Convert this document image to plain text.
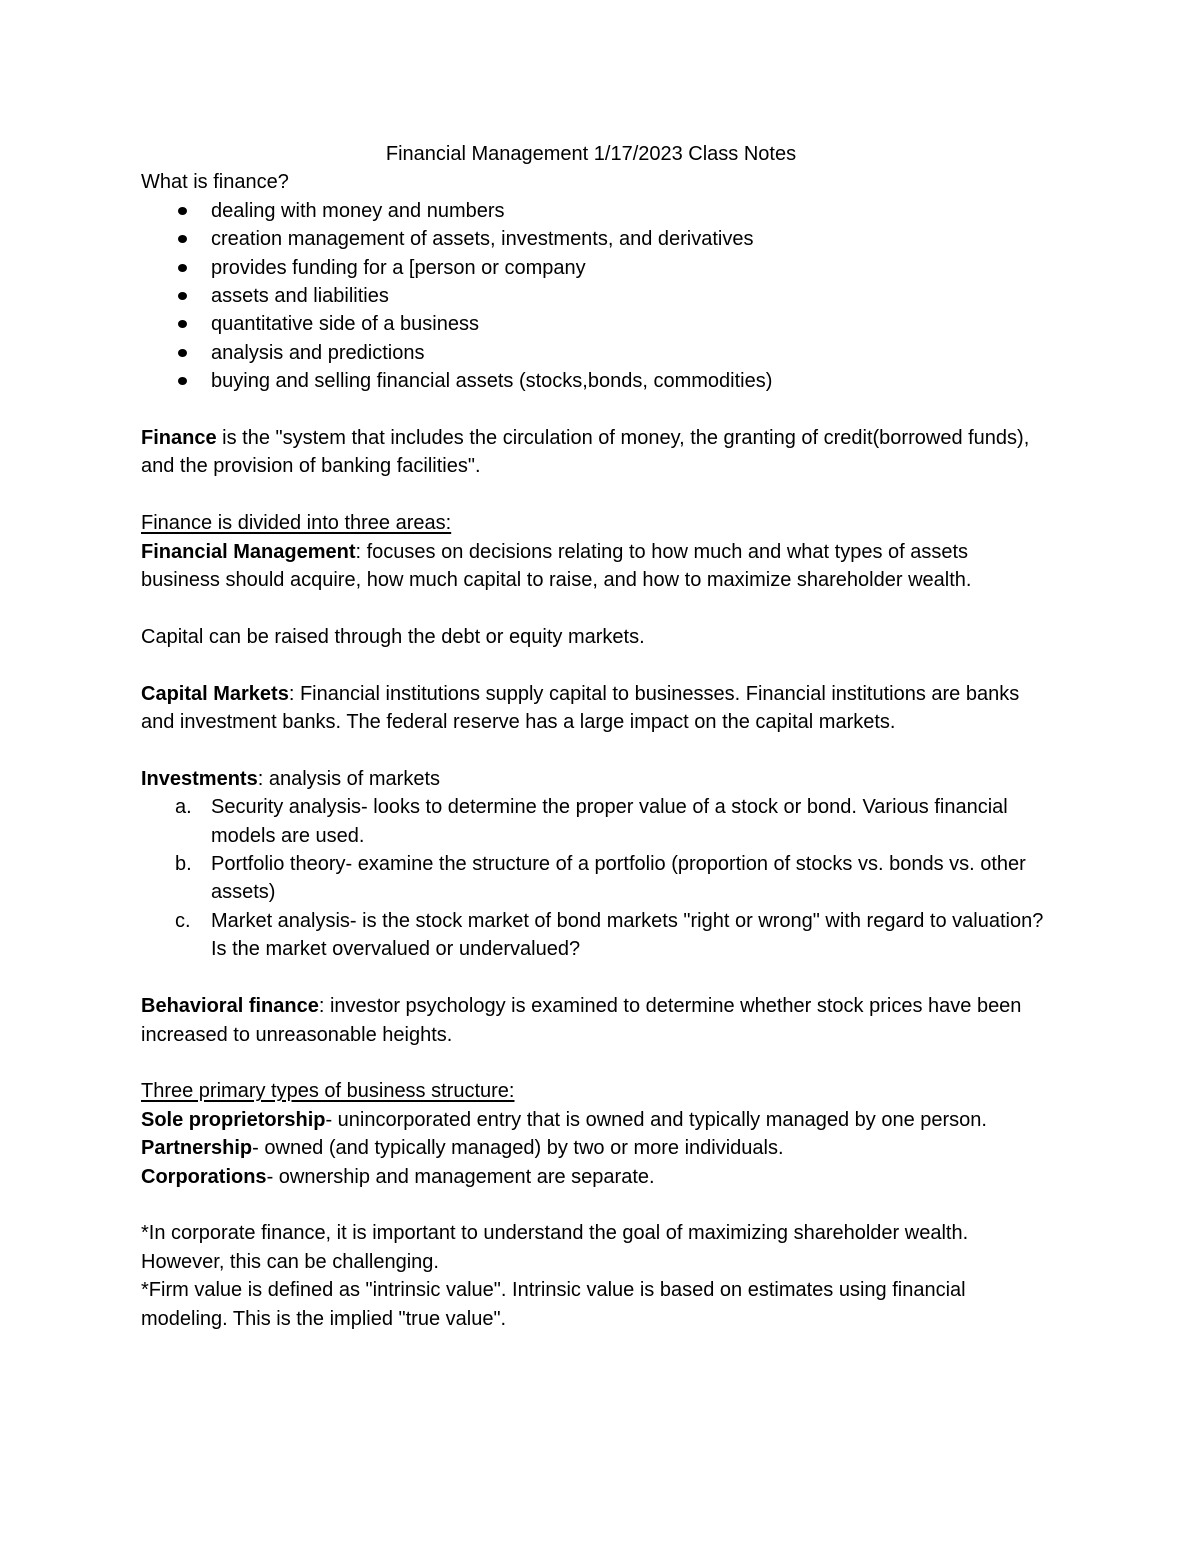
Financial Management 1/17/2023 Class Notes

What is finance?

dealing with money and numbers
creation management of assets, investments, and derivatives
provides funding for a [person or company
assets and liabilities
quantitative side of a business
analysis and predictions
buying and selling financial assets (stocks,bonds, commodities)

Finance is the "system that includes the circulation of money, the granting of credit(borrowed funds), and the provision of banking facilities".

Finance is divided into three areas:

Financial Management: focuses on decisions relating to how much and what types of assets business should acquire, how much capital to raise, and how to maximize shareholder wealth.

Capital can be raised through the debt or equity markets.

Capital Markets: Financial institutions supply capital to businesses. Financial institutions are banks and investment banks. The federal reserve has a large impact on the capital markets.

Investments: analysis of markets

a. Security analysis- looks to determine the proper value of a stock or bond. Various financial models are used.
b. Portfolio theory- examine the structure of a portfolio (proportion of stocks vs. bonds vs. other assets)
c. Market analysis- is the stock market of bond markets "right or wrong" with regard to valuation? Is the market overvalued or undervalued?

Behavioral finance: investor psychology is examined to determine whether stock prices have been increased to unreasonable heights.

Three primary types of business structure:

Sole proprietorship- unincorporated entry that is owned and typically managed by one person.

Partnership- owned (and typically managed) by two or more individuals.

Corporations- ownership and management are separate.

*In corporate finance, it is important to understand the goal of maximizing shareholder wealth. However, this can be challenging.

*Firm value is defined as "intrinsic value". Intrinsic value is based on estimates using financial modeling. This is the implied "true value".
